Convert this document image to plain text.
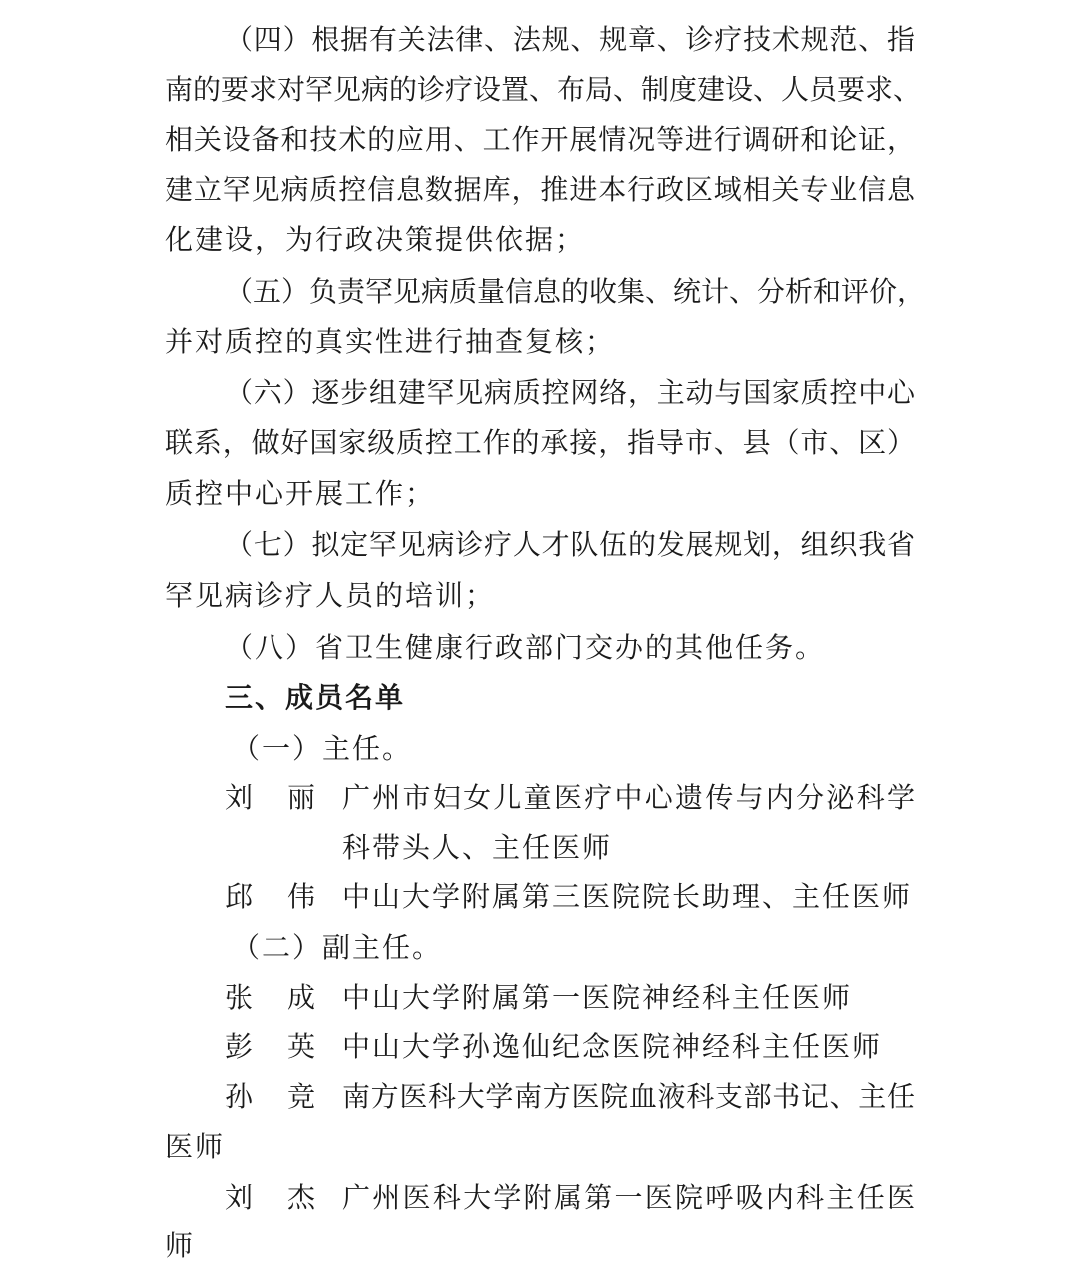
（四）根据有关法律、法规、规章、诊疗技术规范、指
南的要求对罕见病的诊疗设置、布局、制度建设、人员要求、
相关设备和技术的应用、工作开展情况等进行调研和论证，
建立罕见病质控信息数据库，推进本行政区域相关专业信息
化建设，为行政决策提供依据；
（五）负责罕见病质量信息的收集、统计、分析和评价，
并对质控的真实性进行抽查复核；
（六）逐步组建罕见病质控网络，主动与国家质控中心
联系，做好国家级质控工作的承接，指导市、县（市、区）
质控中心开展工作；
（七）拟定罕见病诊疗人才队伍的发展规划，组织我省
罕见病诊疗人员的培训；
（八）省卫生健康行政部门交办的其他任务。
三、成员名单
（一）主任。
刘丽 广州市妇女儿童医疗中心遗传与内分泌科学
科带头人、主任医师
邱伟 中山大学附属第三医院院长助理、主任医师
（二）副主任。
张成 中山大学附属第一医院神经科主任医师
彭英 中山大学孙逸仙纪念医院神经科主任医师
孙竞 南方医科大学南方医院血液科支部书记、主任
医师
刘杰 广州医科大学附属第一医院呼吸内科主任医
师
